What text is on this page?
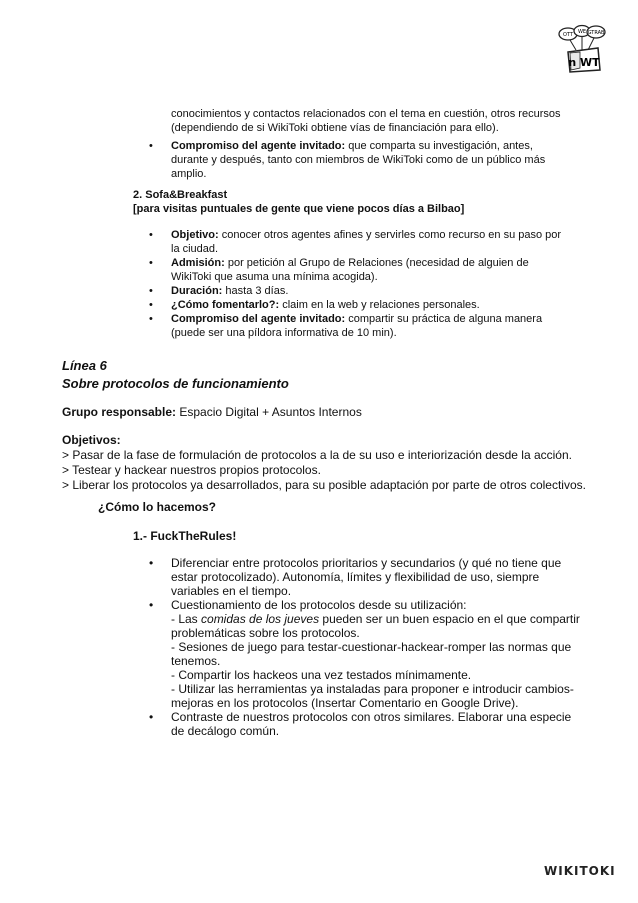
OTT WE GTRAB
n WT
conocimientos y contactos relacionados con el tema en cuestión, otros recursos
(dependiendo de si WikiToki obtiene vías de financiación para ello).
• Compromiso del agente invitado: que comparta su investigación, antes,
durante y después, tanto con miembros de WikiToki como de un público más
amplio.
2. Sofa&Breakfast
[para visitas puntuales de gente que viene pocos días a Bilbao]
• Objetivo: conocer otros agentes afines y servirles como recurso en su paso por
la ciudad.
• Admisión: por petición al Grupo de Relaciones (necesidad de alguien de
WikiToki que asuma una mínima acogida).
• Duración: hasta 3 días.
• ¿Cómo fomentarlo?: claim en la web y relaciones personales.
• Compromiso del agente invitado: compartir su práctica de alguna manera
(puede ser una píldora informativa de 10 min).
Línea 6
Sobre protocolos de funcionamiento
Grupo responsable: Espacio Digital + Asuntos Internos
Objetivos:
> Pasar de la fase de formulación de protocolos a la de su uso e interiorización desde la acción.
> Testear y hackear nuestros propios protocolos.
> Liberar los protocolos ya desarrollados, para su posible adaptación por parte de otros colectivos.
¿Cómo lo hacemos?
1.- FuckTheRules!
• Diferenciar entre protocolos prioritarios y secundarios (y qué no tiene que
estar protocolizado). Autonomía, límites y flexibilidad de uso, siempre
variables en el tiempo.
• Cuestionamiento de los protocolos desde su utilización:
- Las comidas de los jueves pueden ser un buen espacio en el que compartir
problemáticas sobre los protocolos.
- Sesiones de juego para testar-cuestionar-hackear-romper las normas que
tenemos.
- Compartir los hackeos una vez testados mínimamente.
- Utilizar las herramientas ya instaladas para proponer e introducir cambios-
mejoras en los protocolos (Insertar Comentario en Google Drive).
• Contraste de nuestros protocolos con otros similares. Elaborar una especie
de decálogo común.
WIKITOKI
